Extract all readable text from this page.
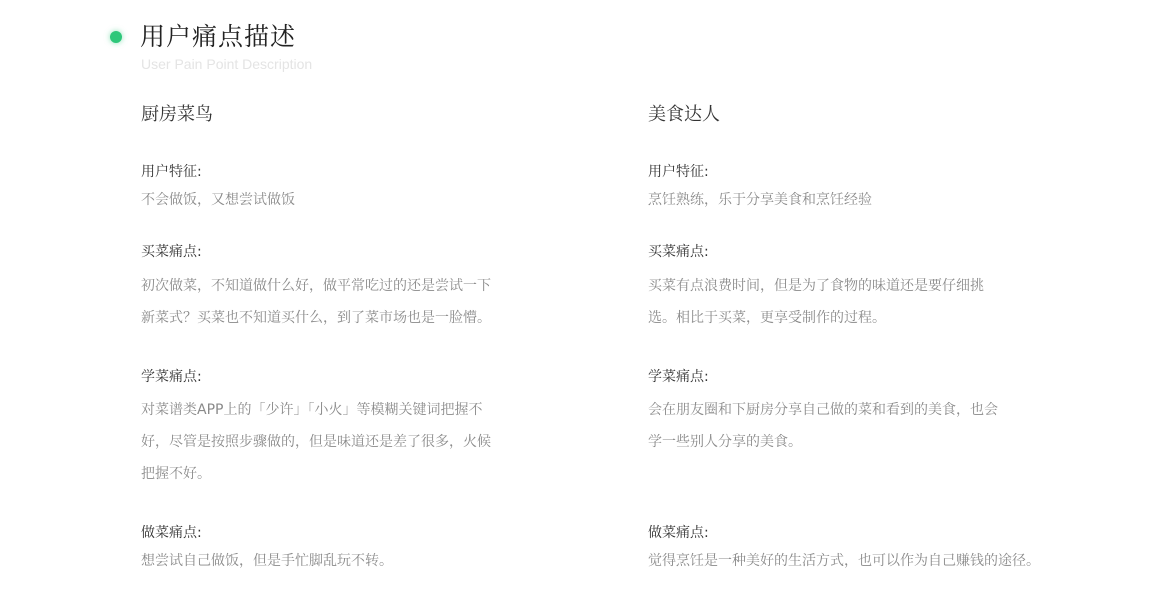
用户痛点描述
User Pain Point Description
厨房菜鸟
用户特征:
不会做饭，又想尝试做饭
买菜痛点:
初次做菜，不知道做什么好，做平常吃过的还是尝试一下
新菜式？买菜也不知道买什么，到了菜市场也是一脸懵。
学菜痛点:
对菜谱类APP上的「少许」「小火」等模糊关键词把握不
好，尽管是按照步骤做的，但是味道还是差了很多，火候
把握不好。
做菜痛点:
想尝试自己做饭，但是手忙脚乱玩不转。
美食达人
用户特征:
烹饪熟练，乐于分享美食和烹饪经验
买菜痛点:
买菜有点浪费时间，但是为了食物的味道还是要仔细挑
选。相比于买菜，更享受制作的过程。
学菜痛点:
会在朋友圈和下厨房分享自己做的菜和看到的美食，也会
学一些别人分享的美食。
做菜痛点:
觉得烹饪是一种美好的生活方式，也可以作为自己赚钱的途径。
